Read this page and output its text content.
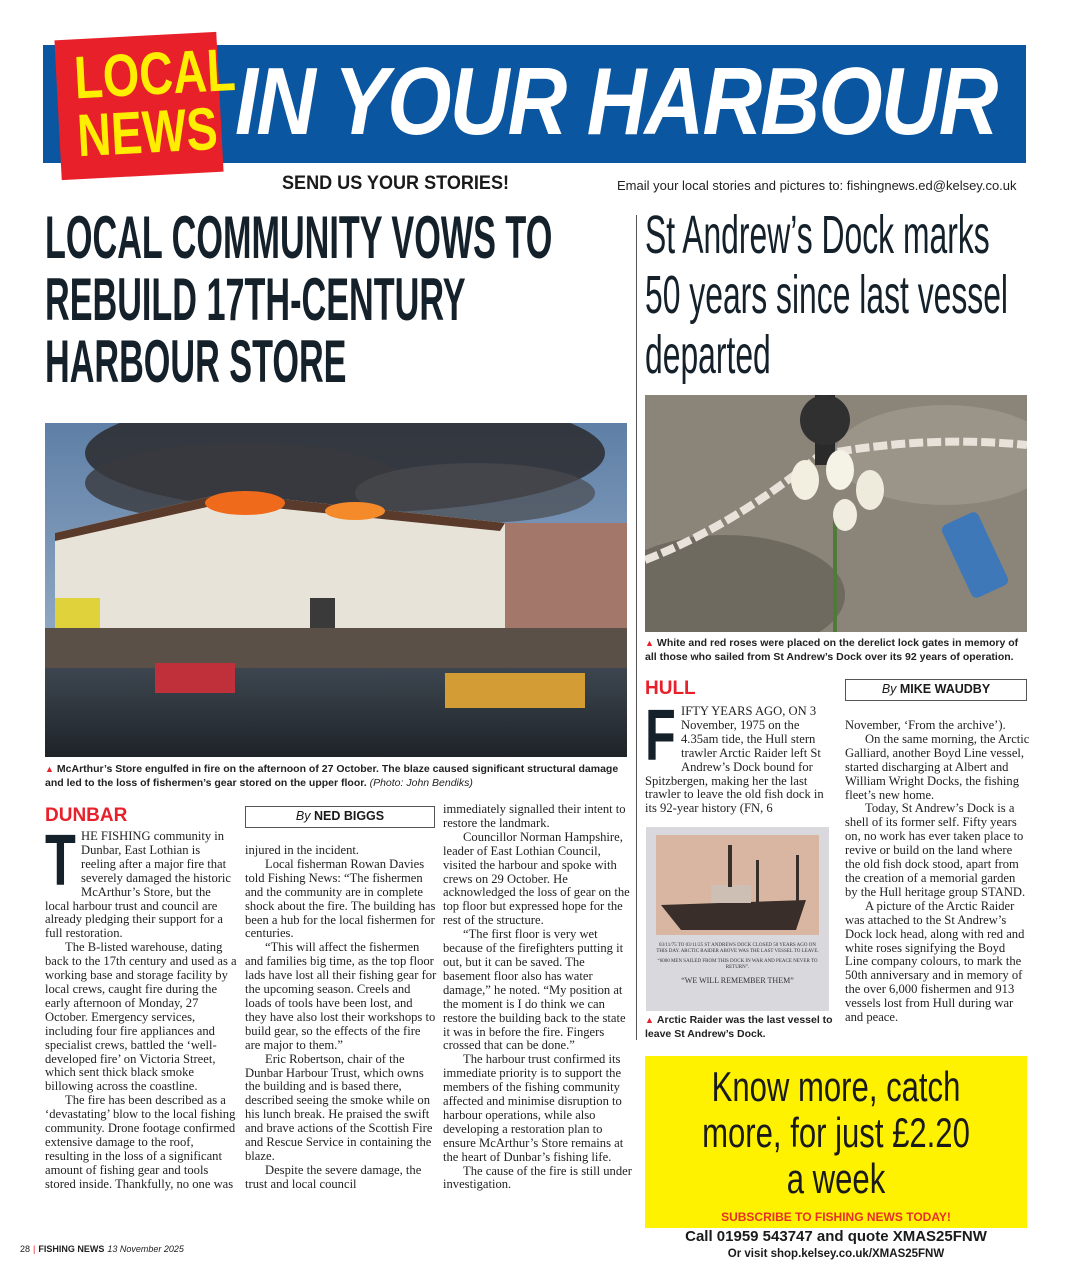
IN YOUR HARBOUR
LOCAL
NEWS
SEND US YOUR STORIES!	Email your local stories and pictures to: fishingnews.ed@kelsey.co.uk
LOCAL COMMUNITY VOWS TO REBUILD 17TH-CENTURY HARBOUR STORE
St Andrew’s Dock marks 50 years since last vessel departed
▲ McArthur’s Store engulfed in fire on the afternoon of 27 October. The blaze caused significant structural damage and led to the loss of fishermen’s gear stored on the upper floor. (Photo: John Bendiks)
DUNBAR	By NED BIGGS
T HE FISHING community in Dunbar, East Lothian is reeling after a major fire that severely damaged the historic McArthur’s Store, but the local harbour trust and council are already pledging their support for a full restoration.

The B-listed warehouse, dating back to the 17th century and used as a working base and storage facility by local crews, caught fire during the early afternoon of Monday, 27 October. Emergency services, including four fire appliances and specialist crews, battled the ‘well-developed fire’ on Victoria Street, which sent thick black smoke billowing across the coastline.

The fire has been described as a ‘devastating’ blow to the local fishing community. Drone footage confirmed extensive damage to the roof, resulting in the loss of a significant amount of fishing gear and tools stored inside. Thankfully, no one was

injured in the incident.

Local fisherman Rowan Davies told Fishing News: “The fishermen and the community are in complete shock about the fire. The building has been a hub for the local fishermen for centuries.

“This will affect the fishermen and families big time, as the top floor lads have lost all their fishing gear for the upcoming season. Creels and loads of tools have been lost, and they have also lost their workshops to build gear, so the effects of the fire are major to them.”

Eric Robertson, chair of the Dunbar Harbour Trust, which owns the building and is based there, described seeing the smoke while on his lunch break. He praised the swift and brave actions of the Scottish Fire and Rescue Service in containing the blaze.

Despite the severe damage, the trust and local council

immediately signalled their intent to restore the landmark.

Councillor Norman Hampshire, leader of East Lothian Council, visited the harbour and spoke with crews on 29 October. He acknowledged the loss of gear on the top floor but expressed hope for the rest of the structure.

“The first floor is very wet because of the firefighters putting it out, but it can be saved. The basement floor also has water damage,” he noted. “My position at the moment is I do think we can restore the building back to the state it was in before the fire. Fingers crossed that can be done.”

The harbour trust confirmed its immediate priority is to support the members of the fishing community affected and minimise disruption to harbour operations, while also developing a restoration plan to ensure McArthur’s Store remains at the heart of Dunbar’s fishing life.

The cause of the fire is still under investigation.

▲ White and red roses were placed on the derelict lock gates in memory of all those who sailed from St Andrew’s Dock over its 92 years of operation.
HULL	By MIKE WAUDBY
F IFTY YEARS AGO, ON 3 November, 1975 on the 4.35am tide, the Hull stern trawler Arctic Raider left St Andrew’s Dock bound for Spitzbergen, making her the last trawler to leave the old fish dock in its 92-year history (FN, 6

03/11/75 TO 03/11/25 ST ANDREWS DOCK CLOSED 50 YEARS AGO ON THIS DAY. ARCTIC RAIDER ABOVE WAS THE LAST VESSEL TO LEAVE.
“6000 MEN SAILED FROM THIS DOCK IN WAR AND PEACE NEVER TO RETURN”.
“WE WILL REMEMBER THEM”
▲ Arctic Raider was the last vessel to leave St Andrew’s Dock.

November, ‘From the archive’).

On the same morning, the Arctic Galliard, another Boyd Line vessel, started discharging at Albert and William Wright Docks, the fishing fleet’s new home.

Today, St Andrew’s Dock is a shell of its former self. Fifty years on, no work has ever taken place to revive or build on the land where the old fish dock stood, apart from the creation of a memorial garden by the Hull heritage group STAND.

A picture of the Arctic Raider was attached to the St Andrew’s Dock lock head, along with red and white roses signifying the Boyd Line company colours, to mark the 50th anniversary and in memory of the over 6,000 fishermen and 913 vessels lost from Hull during war and peace.

Know more, catch more, for just £2.20 a week
SUBSCRIBE TO FISHING NEWS TODAY!
Call 01959 543747 and quote XMAS25FNW
Or visit shop.kelsey.co.uk/XMAS25FNW
28 | FISHING NEWS 13 November 2025
